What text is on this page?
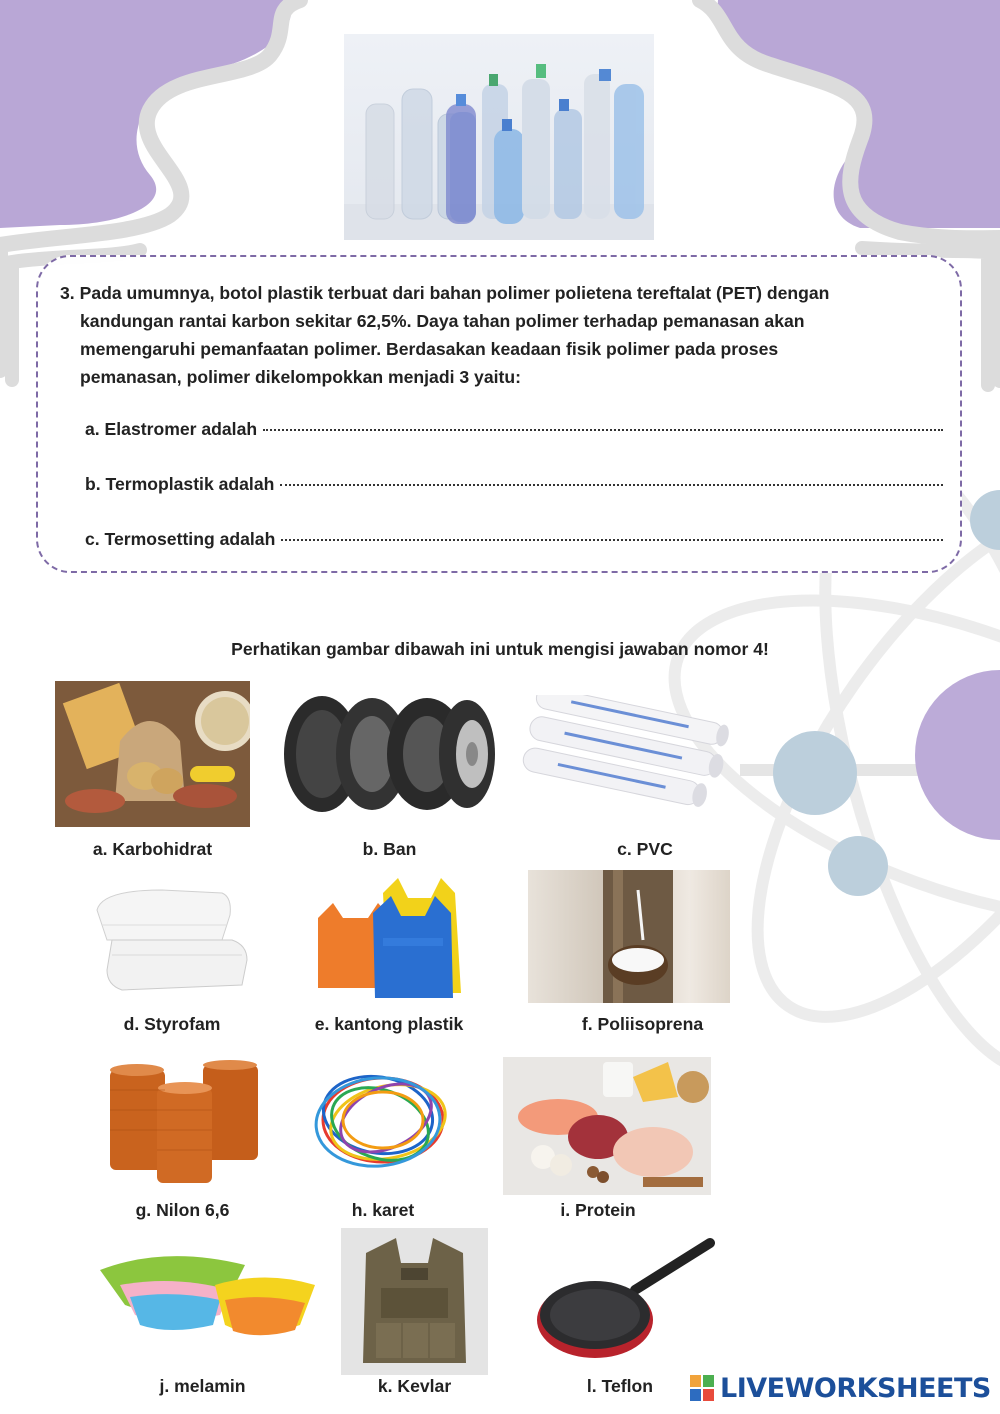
3. Pada umumnya, botol plastik terbuat dari bahan polimer polietena tereftalat (PET) dengan
kandungan rantai karbon sekitar 62,5%. Daya tahan polimer terhadap pemanasan akan
memengaruhi pemanfaatan polimer. Berdasakan keadaan fisik polimer pada proses
pemanasan, polimer dikelompokkan menjadi 3 yaitu:
a. Elastromer adalah
b. Termoplastik adalah
c. Termosetting adalah
Perhatikan gambar dibawah ini untuk mengisi jawaban nomor 4!
a. Karbohidrat	b. Ban	c. PVC
d. Styrofam	e. kantong plastik	f. Poliisoprena
g. Nilon 6,6	h. karet	i. Protein
j. melamin	k. Kevlar	l. Teflon	LIVEWORKSHEETS
